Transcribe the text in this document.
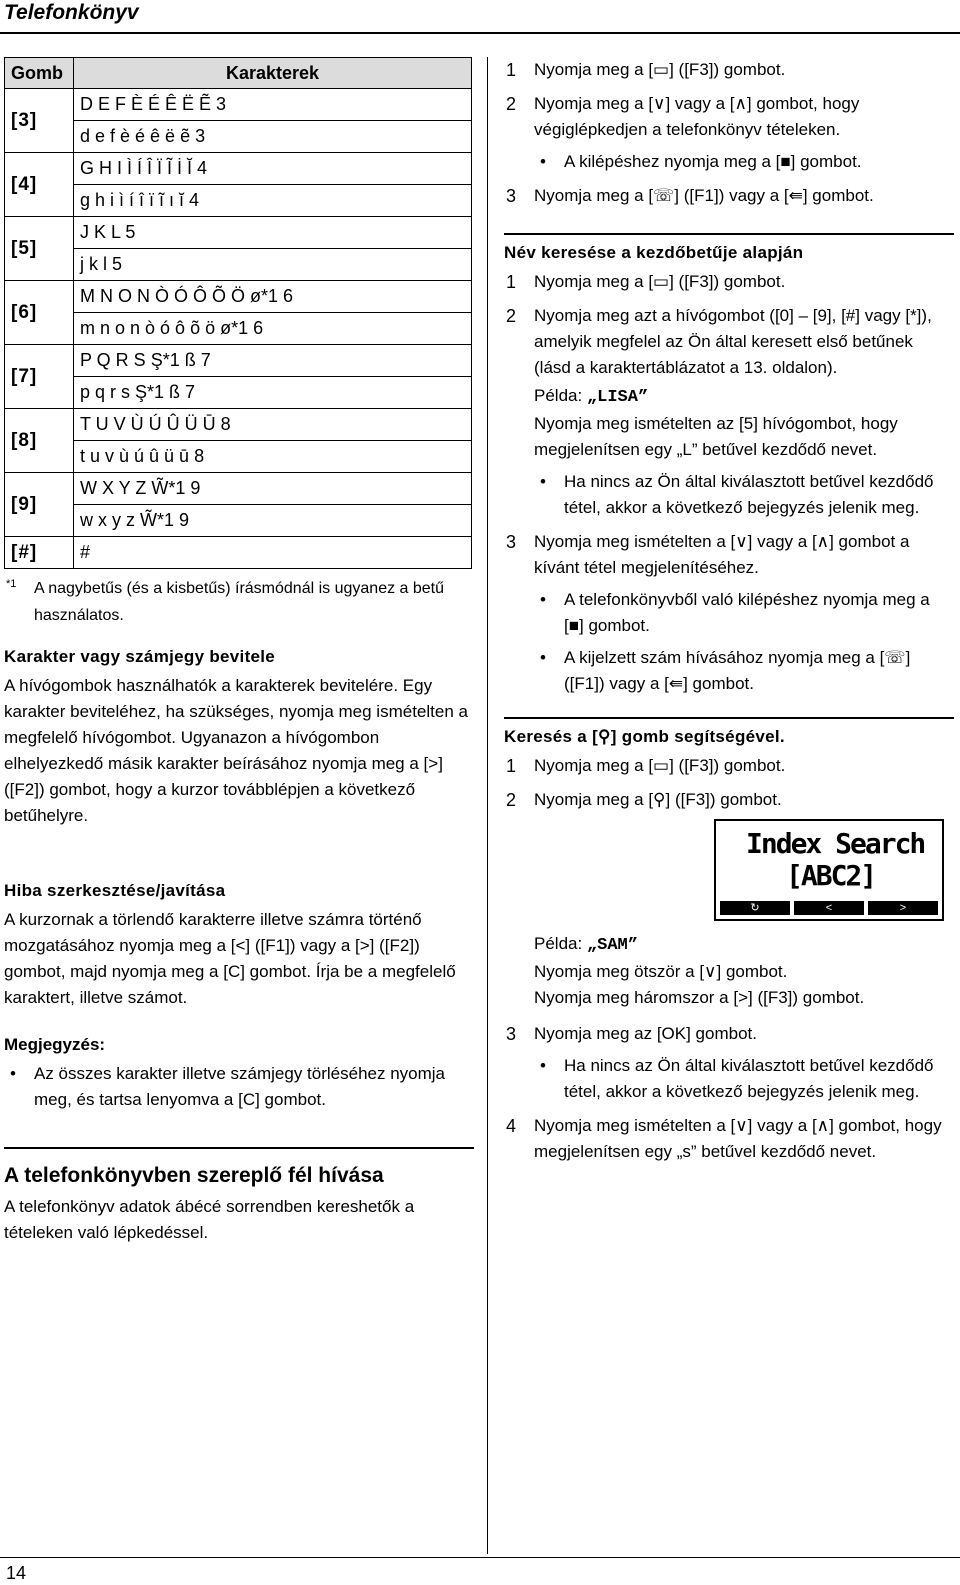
Telefonkönyv
Gomb	Karakterek
[ 3 ]	D E F È É Ê Ë Ẽ 3
	d e f è é ê ë ẽ 3
[ 4 ]	G H I Ì Í Î Ï Ĩ İ Ĭ 4
	g h i ì í î ï ĩ ı ĭ 4
[ 5 ]	J K L 5
	j k l 5
[ 6 ]	M N O N Ò Ó Ô Õ Ö ø*1 6
	m n o n ò ó ô õ ö ø*1 6
[ 7 ]	P Q R S Ş*1 ß 7
	p q r s Ş*1 ß 7
[ 8 ]	T U V Ù Ú Û Ü Ū 8
	t u v ù ú û ü ū 8
[ 9 ]	W X Y Z W̃*1 9
	w x y z W̃*1 9
[ # ]	#
*1 A nagybetűs (és a kisbetűs) írásmódnál is ugyanez a betű használatos.
Karakter vagy számjegy bevitele

A hívógombok használhatók a karakterek bevitelére. Egy karakter beviteléhez, ha szükséges, nyomja meg ismételten a megfelelő hívógombot. Ugyanazon a hívógombon elhelyezkedő másik karakter beírásához nyomja meg a [>] ([F2]) gombot, hogy a kurzor továbblépjen a következő betűhelyre.

Hiba szerkesztése/javítása

A kurzornak a törlendő karakterre illetve számra történő mozgatásához nyomja meg a [<] ([F1]) vagy a [>] ([F2]) gombot, majd nyomja meg a [C] gombot. Írja be a megfelelő karaktert, illetve számot.

Megjegyzés:
• Az összes karakter illetve számjegy törléséhez nyomja meg, és tartsa lenyomva a [C] gombot.
A telefonkönyvben szereplő fél hívása

A telefonkönyv adatok ábécé sorrendben kereshetők a tételeken való lépkedéssel.

1 Nyomja meg a [▭] ([F3]) gombot.
2 Nyomja meg a [∨] vagy a [∧] gombot, hogy végiglépkedjen a telefonkönyv tételeken.
• A kilépéshez nyomja meg a [■] gombot.
3 Nyomja meg a [☏] ([F1]) vagy a [⇚] gombot.
Név keresése a kezdőbetűje alapján
1 Nyomja meg a [▭] ([F3]) gombot.
2 Nyomja meg azt a hívógombot ([0] – [9], [#] vagy [*]), amelyik megfelel az Ön által keresett első betűnek (lásd a karaktertáblázatot a 13. oldalon).
Példa: „LISA”
Nyomja meg ismételten az [5] hívógombot, hogy megjelenítsen egy „L” betűvel kezdődő nevet.
• Ha nincs az Ön által kiválasztott betűvel kezdődő tétel, akkor a következő bejegyzés jelenik meg.
3 Nyomja meg ismételten a [∨] vagy a [∧] gombot a kívánt tétel megjelenítéséhez.
• A telefonkönyvből való kilépéshez nyomja meg a [■] gombot.
• A kijelzett szám hívásához nyomja meg a [☏] ([F1]) vagy a [⇚] gombot.
Keresés a [⚲] gomb segítségével.
1 Nyomja meg a [▭] ([F3]) gombot.
2 Nyomja meg a [⚲] ([F3]) gombot.
Index Search
[ABC2]
↻	<	>
Példa: „SAM”
Nyomja meg ötször a [∨] gombot.
Nyomja meg háromszor a [>] ([F3]) gombot.
3 Nyomja meg az [OK] gombot.
• Ha nincs az Ön által kiválasztott betűvel kezdődő tétel, akkor a következő bejegyzés jelenik meg.
4 Nyomja meg ismételten a [∨] vagy a [∧] gombot, hogy megjelenítsen egy „s” betűvel kezdődő nevet.
14
